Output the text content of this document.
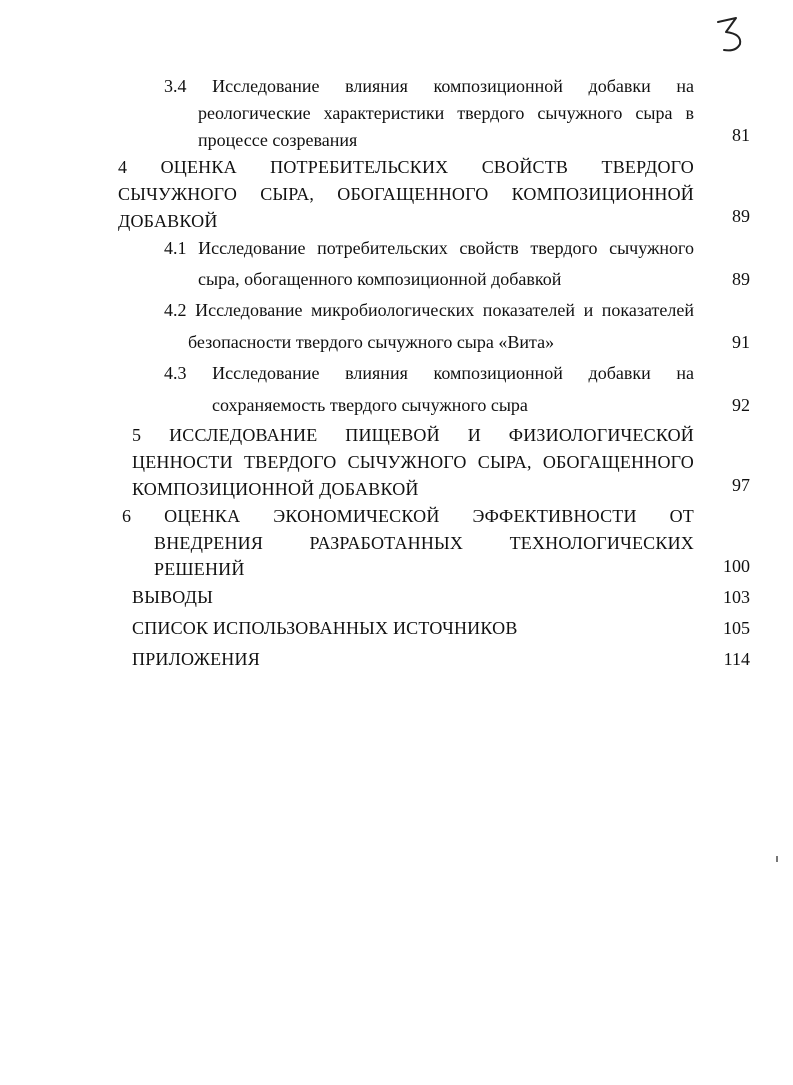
3.4 Исследование влияния композиционной добавки на
реологические характеристики твердого сычужного сыра в
процессе созревания	81
4 ОЦЕНКА ПОТРЕБИТЕЛЬСКИХ СВОЙСТВ ТВЕРДОГО
СЫЧУЖНОГО СЫРА, ОБОГАЩЕННОГО КОМПОЗИЦИОННОЙ
ДОБАВКОЙ	89
4.1 Исследование потребительских свойств твердого сычужного
сыра, обогащенного композиционной добавкой	89
4.2 Исследование микробиологических показателей и показателей
безопасности твердого сычужного сыра «Вита»	91
4.3 Исследование влияния композиционной добавки на
сохраняемость твердого сычужного сыра	92
5 ИССЛЕДОВАНИЕ ПИЩЕВОЙ И ФИЗИОЛОГИЧЕСКОЙ
ЦЕННОСТИ ТВЕРДОГО СЫЧУЖНОГО СЫРА, ОБОГАЩЕННОГО
КОМПОЗИЦИОННОЙ ДОБАВКОЙ	97
6 ОЦЕНКА ЭКОНОМИЧЕСКОЙ ЭФФЕКТИВНОСТИ ОТ
ВНЕДРЕНИЯ РАЗРАБОТАННЫХ ТЕХНОЛОГИЧЕСКИХ
РЕШЕНИЙ	100
ВЫВОДЫ	103
СПИСОК ИСПОЛЬЗОВАННЫХ ИСТОЧНИКОВ	105
ПРИЛОЖЕНИЯ	114
